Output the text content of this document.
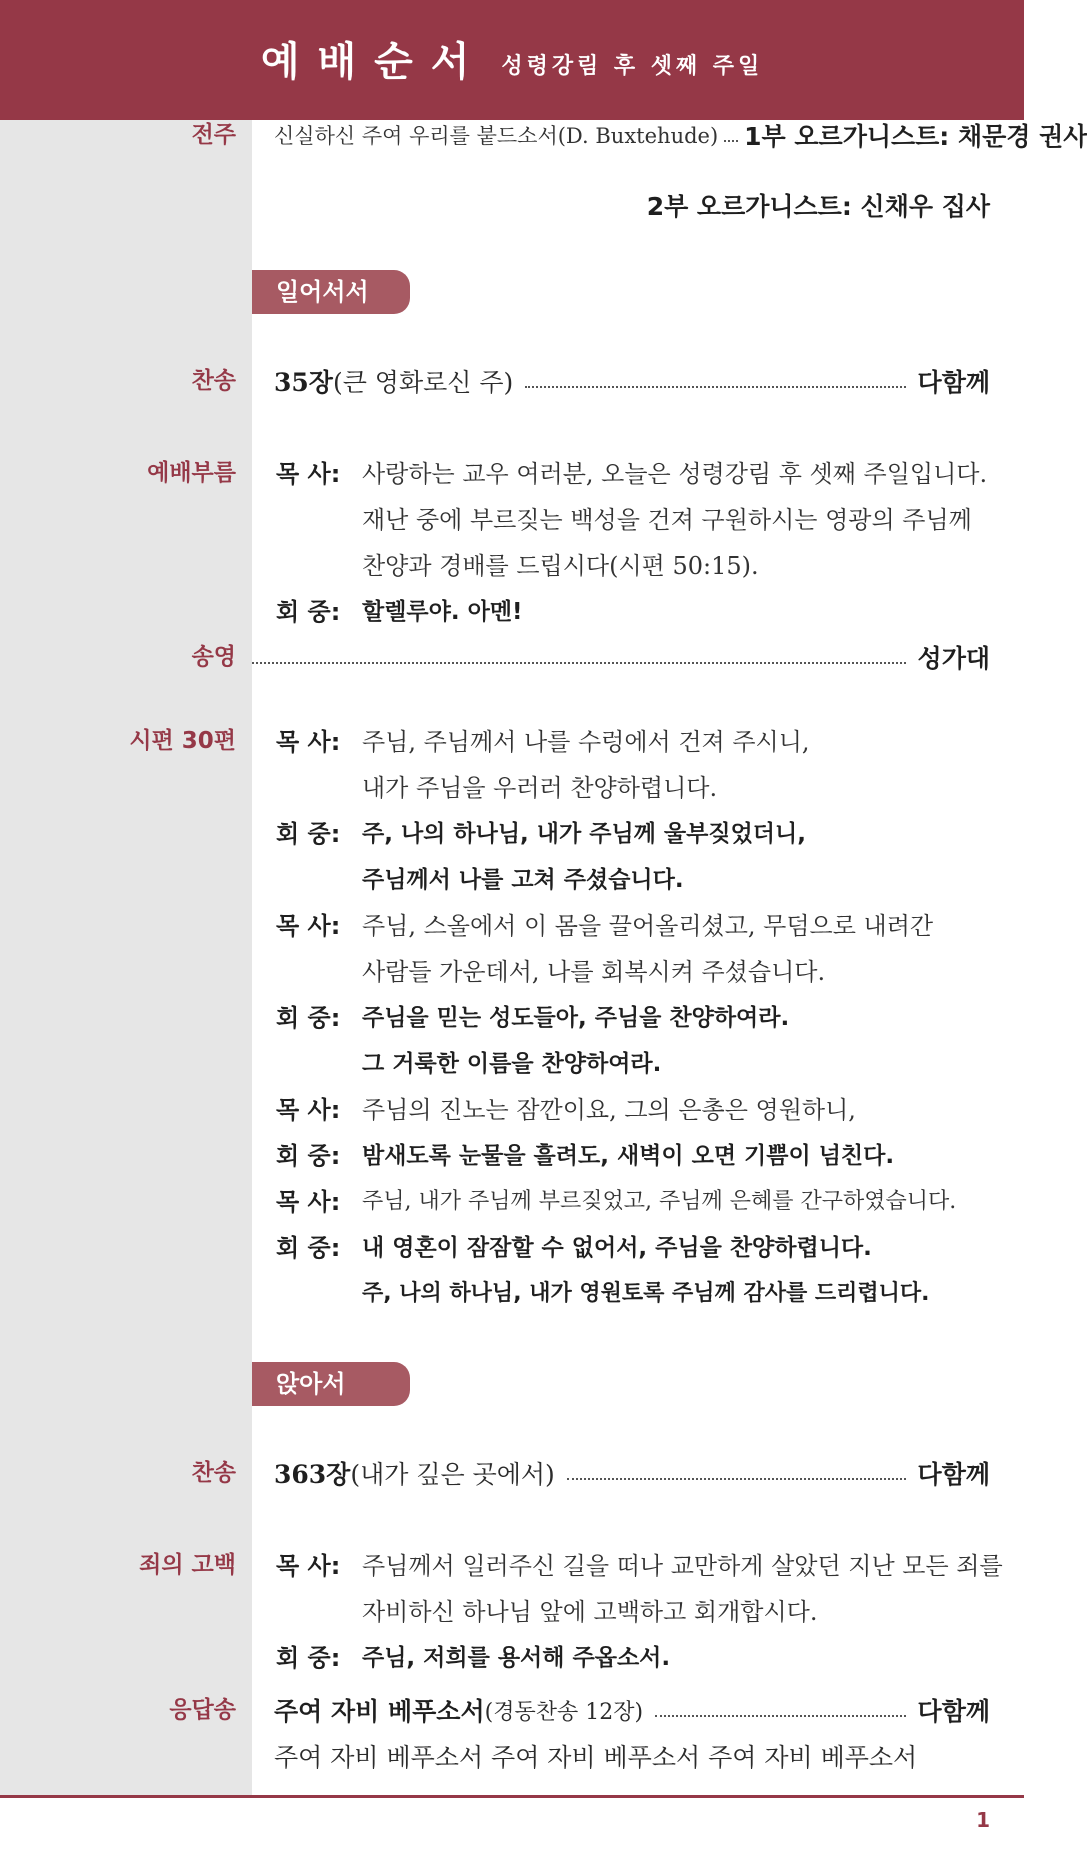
예배순서 성령강림 후 셋째 주일
전주 신실하신 주여 우리를 붙드소서(D. Buxtehude) 1부 오르가니스트: 채문경 권사
2부 오르가니스트: 신채우 집사
일어서서
찬송 35장 (큰 영화로신 주)	다함께
예배부름 목 사: 사랑하는 교우 여러분, 오늘은 성령강림 후 셋째 주일입니다.
재난 중에 부르짖는 백성을 건져 구원하시는 영광의 주님께
찬양과 경배를 드립시다(시편 50:15).
회 중: 할렐루야. 아멘!
송영	성가대
시편 30편 목 사: 주님, 주님께서 나를 수렁에서 건져 주시니,
내가 주님을 우러러 찬양하렵니다.
회 중: 주, 나의 하나님, 내가 주님께 울부짖었더니,
주님께서 나를 고쳐 주셨습니다.
목 사: 주님, 스올에서 이 몸을 끌어올리셨고, 무덤으로 내려간
사람들 가운데서, 나를 회복시켜 주셨습니다.
회 중: 주님을 믿는 성도들아, 주님을 찬양하여라.
그 거룩한 이름을 찬양하여라.
목 사: 주님의 진노는 잠깐이요, 그의 은총은 영원하니,
회 중: 밤새도록 눈물을 흘려도, 새벽이 오면 기쁨이 넘친다.
목 사: 주님, 내가 주님께 부르짖었고, 주님께 은혜를 간구하였습니다.
회 중: 내 영혼이 잠잠할 수 없어서, 주님을 찬양하렵니다.
주, 나의 하나님, 내가 영원토록 주님께 감사를 드리렵니다.
앉아서
찬송 363장 (내가 깊은 곳에서)	다함께
죄의 고백 목 사: 주님께서 일러주신 길을 떠나 교만하게 살았던 지난 모든 죄를
자비하신 하나님 앞에 고백하고 회개합시다.
회 중: 주님, 저희를 용서해 주옵소서.
응답송 주여 자비 베푸소서 (경동찬송 12장)	다함께
주여 자비 베푸소서 주여 자비 베푸소서 주여 자비 베푸소서
1
